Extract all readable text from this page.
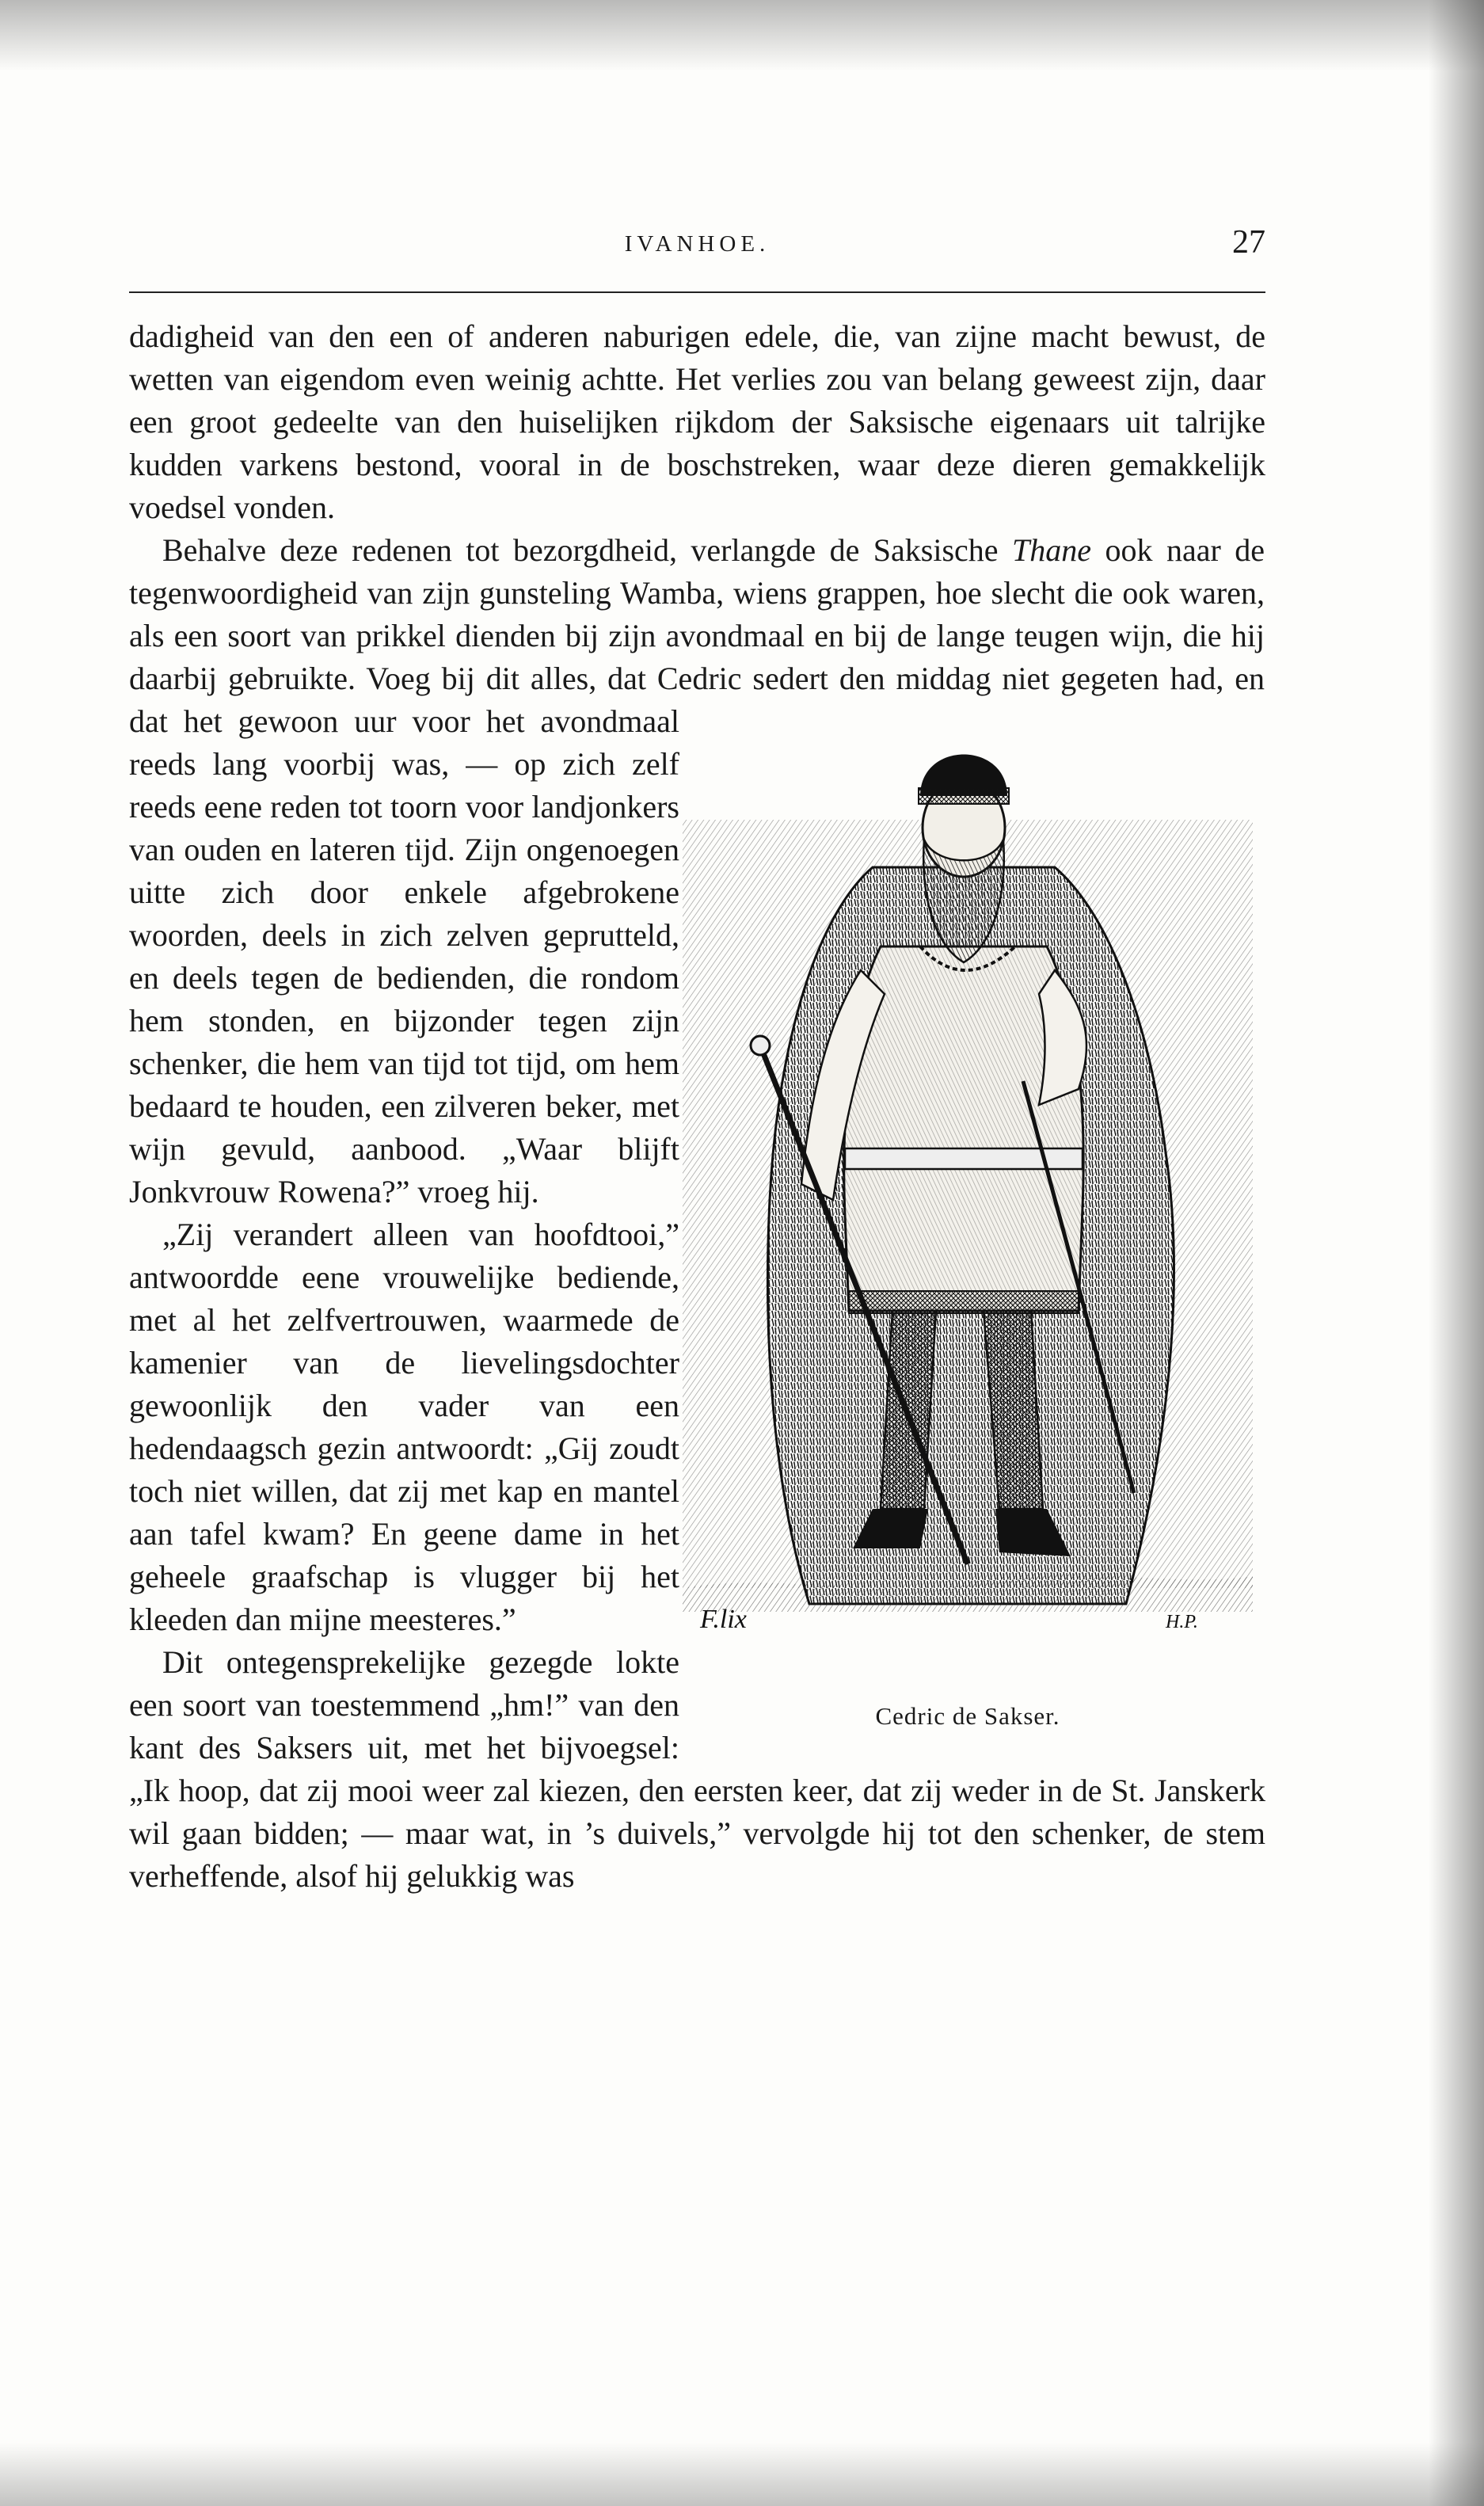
IVANHOE.	27

dadigheid van den een of anderen naburigen edele, die, van zijne macht bewust, de wetten van eigendom even weinig achtte. Het verlies zou van belang geweest zijn, daar een groot gedeelte van den huiselijken rijkdom der Saksische eigenaars uit talrijke kudden varkens bestond, vooral in de boschstreken, waar deze dieren gemakkelijk voedsel vonden.

Behalve deze redenen tot bezorgdheid, verlangde de Saksische Thane ook naar de tegenwoordigheid van zijn gunsteling Wamba, wiens grappen, hoe slecht die ook waren, als een soort van prikkel dienden bij zijn avondmaal en bij de lange teugen wijn, die hij daarbij gebruikte. Voeg bij dit alles, dat Cedric sedert den middag niet gegeten had, en dat het gewoon uur voor het avondmaal reeds lang voorbij was, — op zich zelf reeds eene reden tot toorn voor landjonkers van ouden en lateren tijd. Zijn ongenoegen uitte zich door enkele afgebrokene woorden, deels in zich zelven geprutteld, en deels tegen de bedienden, die rondom hem stonden, en bijzonder tegen zijn schenker, die hem van tijd tot tijd, om hem bedaard te houden, een zilveren beker, met wijn gevuld, aanbood. „Waar blijft Jonkvrouw Rowena?” vroeg hij.

„Zij verandert alleen van hoofdtooi,” antwoordde eene vrouwelijke bediende, met al het zelfvertrouwen, waarmede de kamenier van de lievelingsdochter gewoonlijk den vader van een hedendaagsch gezin antwoordt: „Gij zoudt toch niet willen, dat zij met kap en mantel aan tafel kwam? En geene dame in het geheele graafschap is vlugger bij het kleeden dan mijne meesteres.”

Dit ontegensprekelijke gezegde lokte een soort van toestemmend „hm!” van den kant des Saksers uit, met het bijvoegsel: „Ik hoop, dat zij mooi weer zal kiezen, den eersten keer, dat zij weder in de St. Janskerk wil gaan bidden; — maar wat, in ’s duivels,” vervolgde hij tot den schenker, de stem verheffende, alsof hij gelukkig was

F.lix	H.P.
Cedric de Sakser.
